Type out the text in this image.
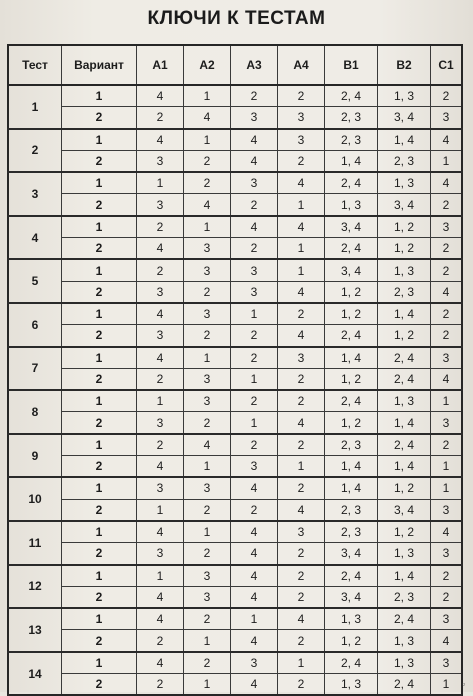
КЛЮЧИ К ТЕСТАМ
Тест	Вариант	А1	А2	А3	А4	В1	В2	С1
1	1	4	1	2	2	2, 4	1, 3	2
	2	2	4	3	3	2, 3	3, 4	3
2	1	4	1	4	3	2, 3	1, 4	4
	2	3	2	4	2	1, 4	2, 3	1
3	1	1	2	3	4	2, 4	1, 3	4
	2	3	4	2	1	1, 3	3, 4	2
4	1	2	1	4	4	3, 4	1, 2	3
	2	4	3	2	1	2, 4	1, 2	2
5	1	2	3	3	1	3, 4	1, 3	2
	2	3	2	3	4	1, 2	2, 3	4
6	1	4	3	1	2	1, 2	1, 4	2
	2	3	2	2	4	2, 4	1, 2	2
7	1	4	1	2	3	1, 4	2, 4	3
	2	2	3	1	2	1, 2	2, 4	4
8	1	1	3	2	2	2, 4	1, 3	1
	2	3	2	1	4	1, 2	1, 4	3
9	1	2	4	2	2	2, 3	2, 4	2
	2	4	1	3	1	1, 4	1, 4	1
10	1	3	3	4	2	1, 4	1, 2	1
	2	1	2	2	4	2, 3	3, 4	3
11	1	4	1	4	3	2, 3	1, 2	4
	2	3	2	4	2	3, 4	1, 3	3
12	1	1	3	4	2	2, 4	1, 4	2
	2	4	3	4	2	3, 4	2, 3	2
13	1	4	2	1	4	1, 3	2, 4	3
	2	2	1	4	2	1, 2	1, 3	4
14	1	4	2	3	1	2, 4	1, 3	3
	2	2	1	4	2	1, 3	2, 4	1 ▫
